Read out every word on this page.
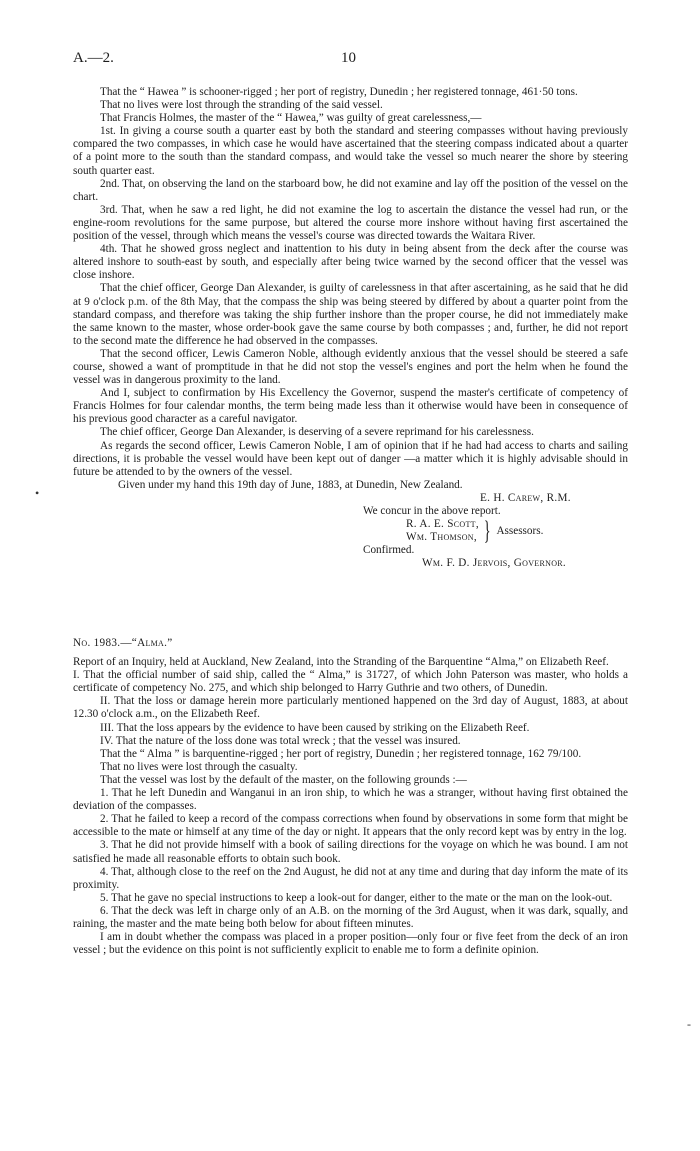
A.—2.	10

That the “ Hawea ” is schooner-rigged ; her port of registry, Dunedin ; her registered tonnage, 461·50 tons.

That no lives were lost through the stranding of the said vessel.

That Francis Holmes, the master of the “ Hawea,” was guilty of great carelessness,—

1st. In giving a course south a quarter east by both the standard and steering compasses without having previously compared the two compasses, in which case he would have ascertained that the steering compass indicated about a quarter of a point more to the south than the standard compass, and would take the vessel so much nearer the shore by steering south quarter east.

2nd. That, on observing the land on the starboard bow, he did not examine and lay off the position of the vessel on the chart.

3rd. That, when he saw a red light, he did not examine the log to ascertain the distance the vessel had run, or the engine-room revolutions for the same purpose, but altered the course more inshore without having first ascertained the position of the vessel, through which means the vessel's course was directed towards the Waitara River.

4th. That he showed gross neglect and inattention to his duty in being absent from the deck after the course was altered inshore to south-east by south, and especially after being twice warned by the second officer that the vessel was close inshore.

That the chief officer, George Dan Alexander, is guilty of carelessness in that after ascertaining, as he said that he did at 9 o'clock p.m. of the 8th May, that the compass the ship was being steered by differed by about a quarter point from the standard compass, and therefore was taking the ship further inshore than the proper course, he did not immediately make the same known to the master, whose order-book gave the same course by both compasses ; and, further, he did not report to the second mate the difference he had observed in the compasses.

That the second officer, Lewis Cameron Noble, although evidently anxious that the vessel should be steered a safe course, showed a want of promptitude in that he did not stop the vessel's engines and port the helm when he found the vessel was in dangerous proximity to the land.

And I, subject to confirmation by His Excellency the Governor, suspend the master's certificate of competency of Francis Holmes for four calendar months, the term being made less than it otherwise would have been in consequence of his previous good character as a careful navigator.

The chief officer, George Dan Alexander, is deserving of a severe reprimand for his carelessness.

As regards the second officer, Lewis Cameron Noble, I am of opinion that if he had had access to charts and sailing directions, it is probable the vessel would have been kept out of danger —a matter which it is highly advisable should in future be attended to by the owners of the vessel.

Given under my hand this 19th day of June, 1883, at Dunedin, New Zealand.

E. H. Carew, R.M.

We concur in the above report.

R. A. E. Scott,
Wm. Thomson, } Assessors.

Confirmed.

Wm. F. D. Jervois, Governor.

No. 1983.—“Alma.”

Report of an Inquiry, held at Auckland, New Zealand, into the Stranding of the Barquentine “Alma,” on Elizabeth Reef.

I. That the official number of said ship, called the “ Alma,” is 31727, of which John Paterson was master, who holds a certificate of competency No. 275, and which ship belonged to Harry Guthrie and two others, of Dunedin.

II. That the loss or damage herein more particularly mentioned happened on the 3rd day of August, 1883, at about 12.30 o'clock a.m., on the Elizabeth Reef.

III. That the loss appears by the evidence to have been caused by striking on the Elizabeth Reef.

IV. That the nature of the loss done was total wreck ; that the vessel was insured.

That the “ Alma ” is barquentine-rigged ; her port of registry, Dunedin ; her registered tonnage, 162 79/100.

That no lives were lost through the casualty.

That the vessel was lost by the default of the master, on the following grounds :—

1. That he left Dunedin and Wanganui in an iron ship, to which he was a stranger, without having first obtained the deviation of the compasses.

2. That he failed to keep a record of the compass corrections when found by observations in some form that might be accessible to the mate or himself at any time of the day or night. It appears that the only record kept was by entry in the log.

3. That he did not provide himself with a book of sailing directions for the voyage on which he was bound. I am not satisfied he made all reasonable efforts to obtain such book.

4. That, although close to the reef on the 2nd August, he did not at any time and during that day inform the mate of its proximity.

5. That he gave no special instructions to keep a look-out for danger, either to the mate or the man on the look-out.

6. That the deck was left in charge only of an A.B. on the morning of the 3rd August, when it was dark, squally, and raining, the master and the mate being both below for about fifteen minutes.

I am in doubt whether the compass was placed in a proper position—only four or five feet from the deck of an iron vessel ; but the evidence on this point is not sufficiently explicit to enable me to form a definite opinion.

•
‑
